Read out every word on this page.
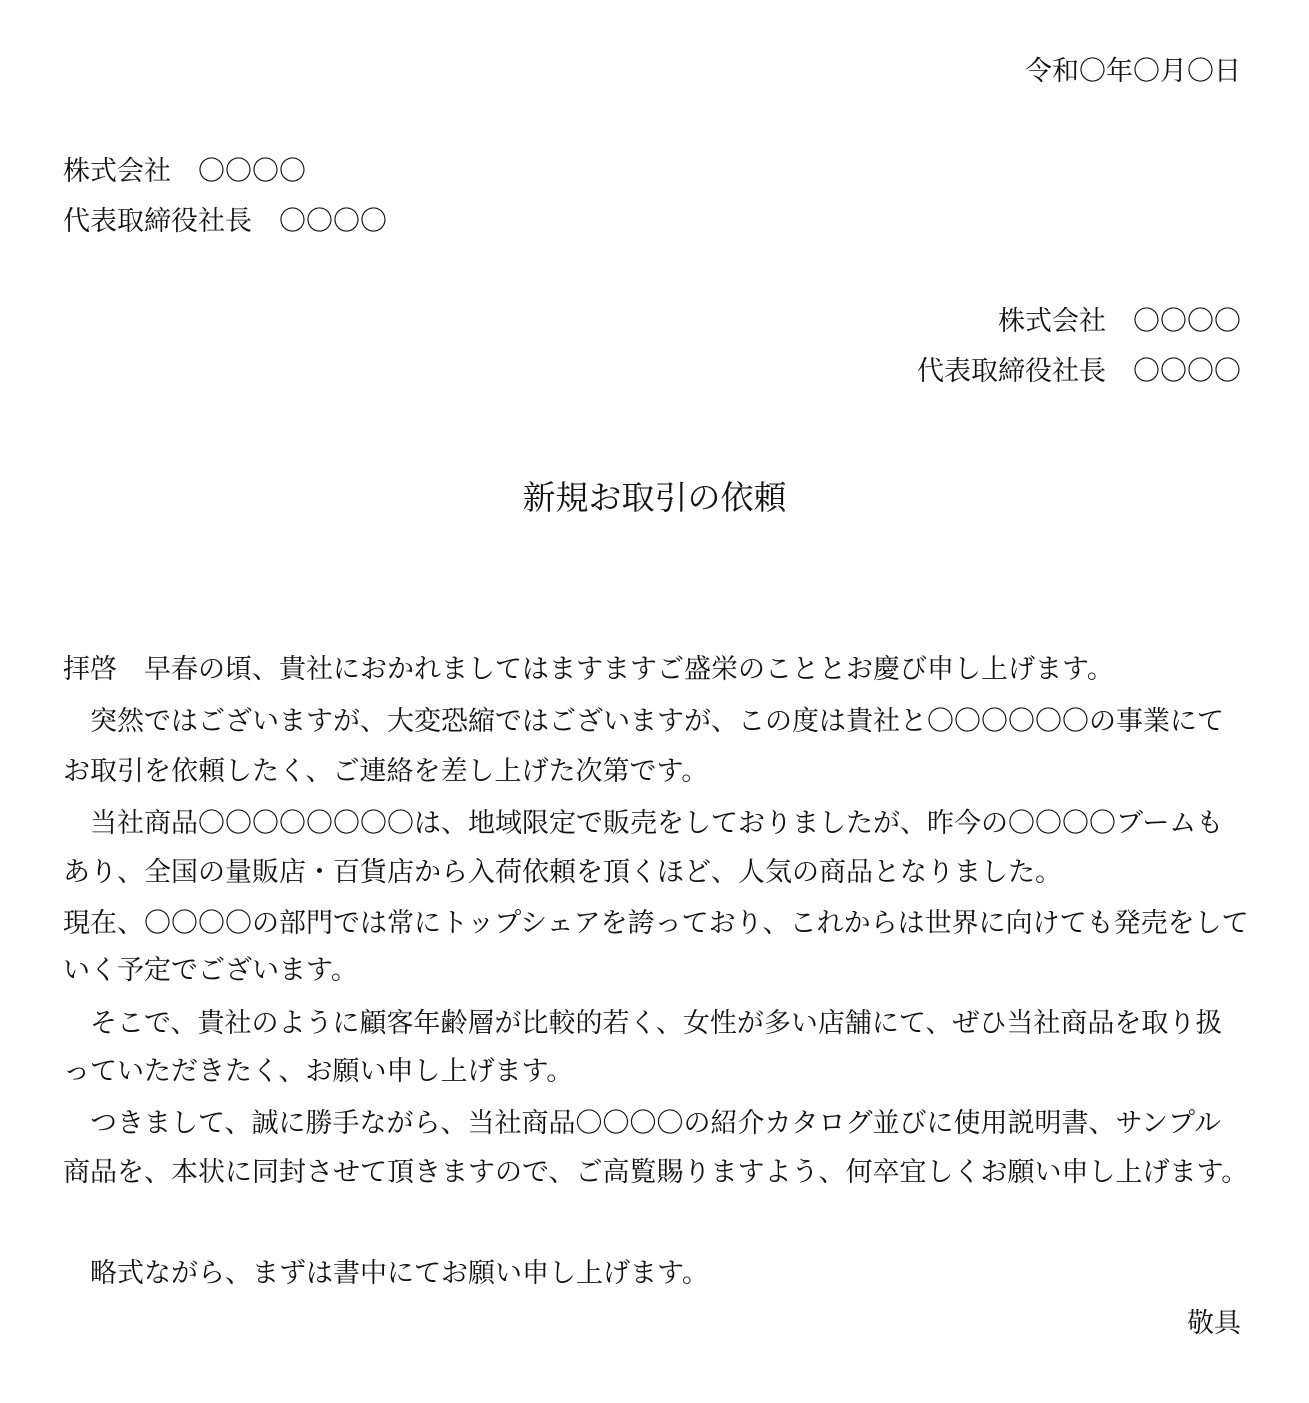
令和〇年〇月〇日
株式会社　〇〇〇〇
代表取締役社長　〇〇〇〇
株式会社　〇〇〇〇
代表取締役社長　〇〇〇〇
新規お取引の依頼
拝啓　早春の頃、貴社におかれましてはますますご盛栄のこととお慶び申し上げます。
　突然ではございますが、大変恐縮ではございますが、この度は貴社と〇〇〇〇〇〇の事業にて
お取引を依頼したく、ご連絡を差し上げた次第です。
　当社商品〇〇〇〇〇〇〇〇は、地域限定で販売をしておりましたが、昨今の〇〇〇〇ブームも
あり、全国の量販店・百貨店から入荷依頼を頂くほど、人気の商品となりました。
現在、〇〇〇〇の部門では常にトップシェアを誇っており、これからは世界に向けても発売をして
いく予定でございます。
　そこで、貴社のように顧客年齢層が比較的若く、女性が多い店舗にて、ぜひ当社商品を取り扱
っていただきたく、お願い申し上げます。
　つきまして、誠に勝手ながら、当社商品〇〇〇〇の紹介カタログ並びに使用説明書、サンプル
商品を、本状に同封させて頂きますので、ご高覧賜りますよう、何卒宜しくお願い申し上げます。
　略式ながら、まずは書中にてお願い申し上げます。
敬具
